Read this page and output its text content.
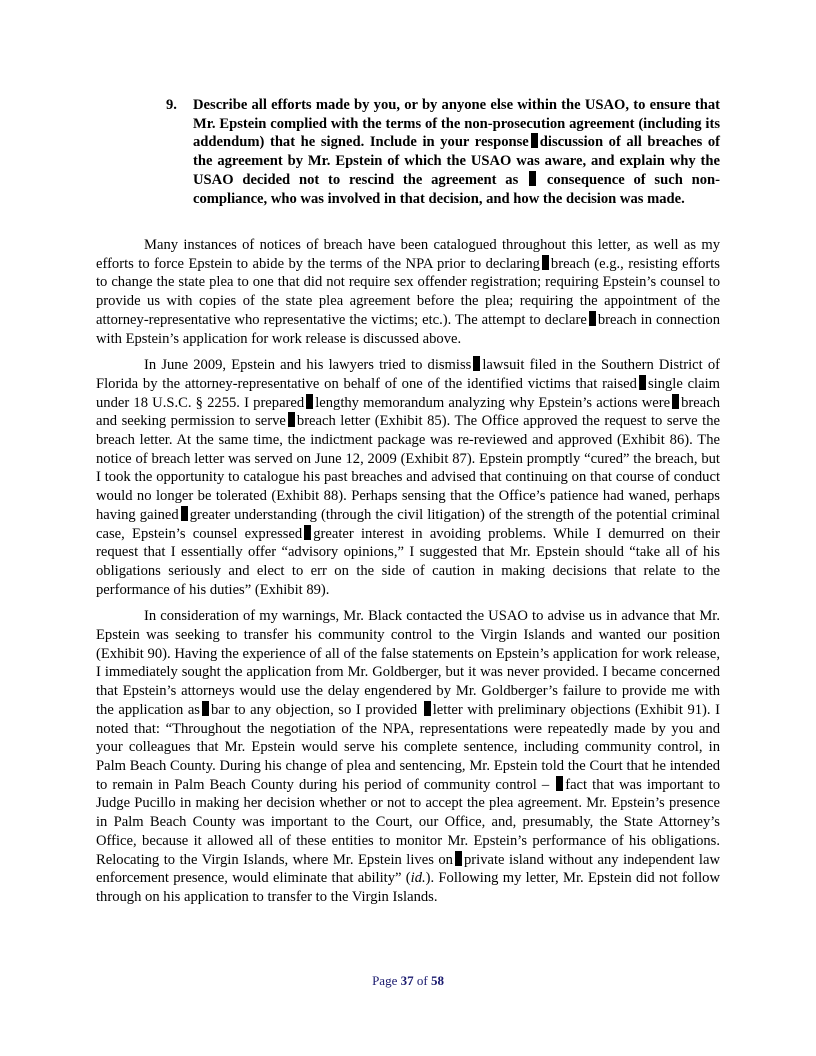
9. Describe all efforts made by you, or by anyone else within the USAO, to ensure that Mr. Epstein complied with the terms of the non-prosecution agreement (including its addendum) that he signed. Include in your response discussion of all breaches of the agreement by Mr. Epstein of which the USAO was aware, and explain why the USAO decided not to rescind the agreement as consequence of such non-compliance, who was involved in that decision, and how the decision was made.

Many instances of notices of breach have been catalogued throughout this letter, as well as my efforts to force Epstein to abide by the terms of the NPA prior to declaring breach (e.g., resisting efforts to change the state plea to one that did not require sex offender registration; requiring Epstein’s counsel to provide us with copies of the state plea agreement before the plea; requiring the appointment of the attorney-representative who representative the victims; etc.). The attempt to declare breach in connection with Epstein’s application for work release is discussed above.

In June 2009, Epstein and his lawyers tried to dismiss lawsuit filed in the Southern District of Florida by the attorney-representative on behalf of one of the identified victims that raised single claim under 18 U.S.C. § 2255. I prepared lengthy memorandum analyzing why Epstein’s actions were breach and seeking permission to serve breach letter (Exhibit 85). The Office approved the request to serve the breach letter. At the same time, the indictment package was re-reviewed and approved (Exhibit 86). The notice of breach letter was served on June 12, 2009 (Exhibit 87). Epstein promptly “cured” the breach, but I took the opportunity to catalogue his past breaches and advised that continuing on that course of conduct would no longer be tolerated (Exhibit 88). Perhaps sensing that the Office’s patience had waned, perhaps having gained greater understanding (through the civil litigation) of the strength of the potential criminal case, Epstein’s counsel expressed greater interest in avoiding problems. While I demurred on their request that I essentially offer “advisory opinions,” I suggested that Mr. Epstein should “take all of his obligations seriously and elect to err on the side of caution in making decisions that relate to the performance of his duties” (Exhibit 89).

In consideration of my warnings, Mr. Black contacted the USAO to advise us in advance that Mr. Epstein was seeking to transfer his community control to the Virgin Islands and wanted our position (Exhibit 90). Having the experience of all of the false statements on Epstein’s application for work release, I immediately sought the application from Mr. Goldberger, but it was never provided. I became concerned that Epstein’s attorneys would use the delay engendered by Mr. Goldberger’s failure to provide me with the application as bar to any objection, so I provided letter with preliminary objections (Exhibit 91). I noted that: “Throughout the negotiation of the NPA, representations were repeatedly made by you and your colleagues that Mr. Epstein would serve his complete sentence, including community control, in Palm Beach County. During his change of plea and sentencing, Mr. Epstein told the Court that he intended to remain in Palm Beach County during his period of community control – fact that was important to Judge Pucillo in making her decision whether or not to accept the plea agreement. Mr. Epstein’s presence in Palm Beach County was important to the Court, our Office, and, presumably, the State Attorney’s Office, because it allowed all of these entities to monitor Mr. Epstein’s performance of his obligations. Relocating to the Virgin Islands, where Mr. Epstein lives on private island without any independent law enforcement presence, would eliminate that ability” (id.). Following my letter, Mr. Epstein did not follow through on his application to transfer to the Virgin Islands.

Page 37 of 58
